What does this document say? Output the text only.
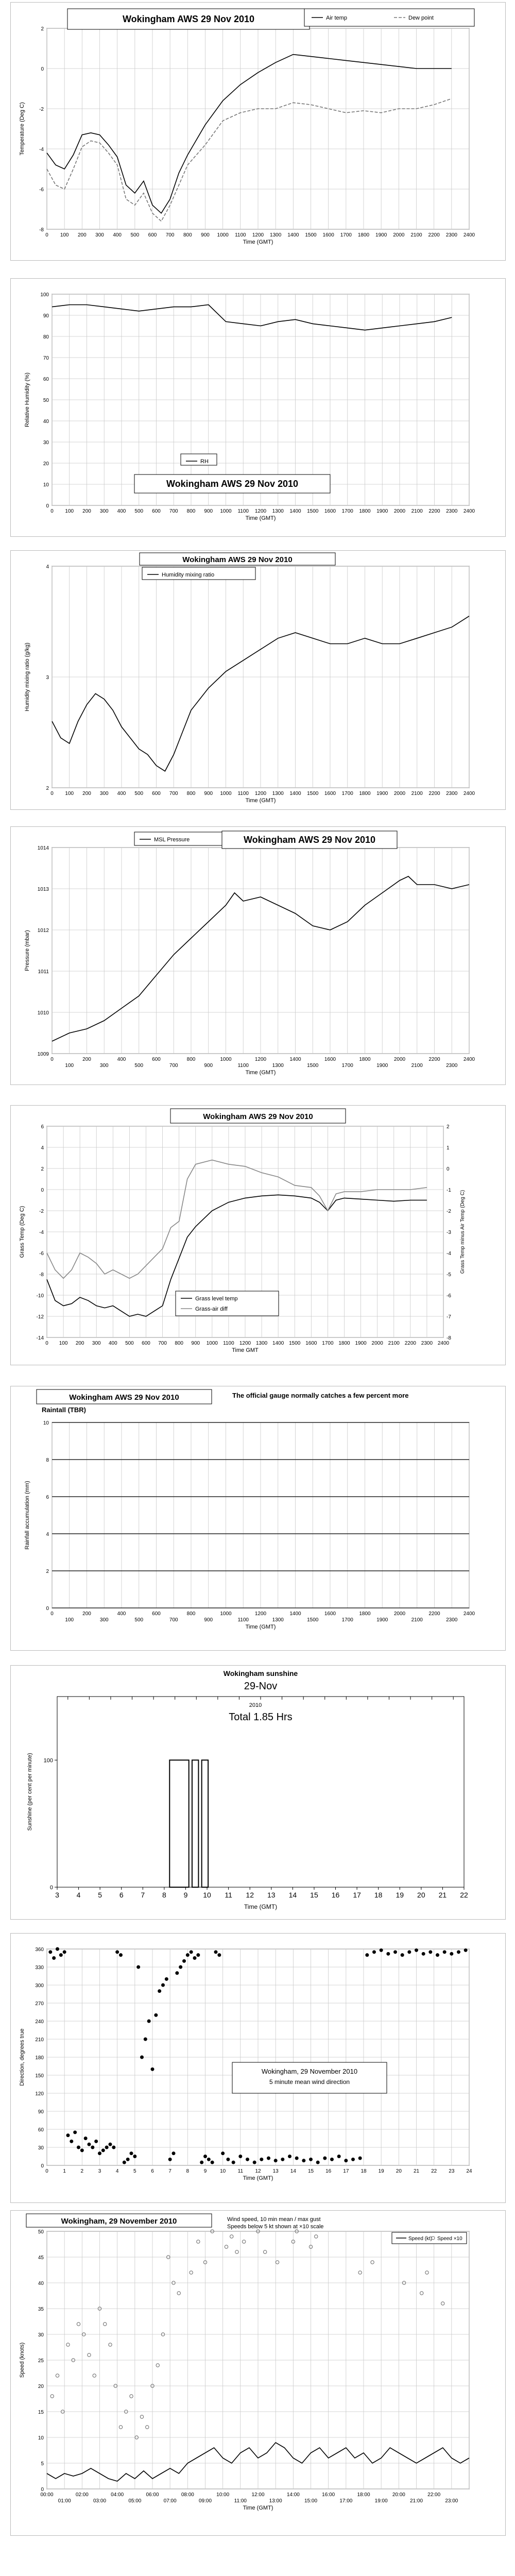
0 100 200 300 400 500 600 700 800 900 1000 1100 1200 1300 1400 1500 1600 1700 1800 1900 2000 2100 2200 2300 2400
-8
-6
-4
-2
0
2
Time (GMT)
Temperature (Deg C)
Wokingham AWS 29 Nov 2010	Air temp	Dew point
0 100 200 300 400 500 600 700 800 900 1000 1100 1200 1300 1400 1500 1600 1700 1800 1900 2000 2100 2200 2300 2400
0
10
20
30
40
50
60
70
80
90
100
Time (GMT)
Relative Humidity (%)
Wokingham AWS 29 Nov 2010
RH
0 100 200 300 400 500 600 700 800 900 1000 1100 1200 1300 1400 1500 1600 1700 1800 1900 2000 2100 2200 2300 2400
2
3
4
Time (GMT)
Humidity mixing ratio (g/kg)
Wokingham AWS 29 Nov 2010
Humidity mixing ratio
0
100
200
300
400
500
600
700
800
900
1000
1100
1200
1300
1400
1500
1600
1700
1800
1900
2000
2100
2200
2300
2400
1009
1010
1011
1012
1013
1014
Time (GMT)
Pressure (mbar)
Wokingham AWS 29 Nov 2010
MSL Pressure
0 100 200 300 400 500 600 700 800 900 1000 1100 1200 1300 1400 1500 1600 1700 1800 1900 2000 2100 2200 2300 2400
-14
-12
-10
-8
-6
-4
-2
0
2
4
6
-8
-7
-6
-5
-4
-3
-2
-1
0
1
2
Grass Temp minus Air Temp (Deg C)
Time GMT
Grass Temp (Deg C)
Wokingham AWS 29 Nov 2010
Grass level temp
Grass-air diff
0
100
200
300
400
500
600
700
800
900
1000
1100
1200
1300
1400
1500
1600
1700
1800
1900
2000
2100
2200
2300
2400
0
2
4
6
8
10
Time (GMT)
Rainfall accumulation (mm)
Wokingham AWS 29 Nov 2010	The official gauge normally catches a few percent more
Raintall (TBR)
3 4 5 6 7 8 9 10 11 12 13 14 15 16 17 18 19 20 21 22
0
100
Wokingham sunshine
29-Nov
2010
Total 1.85 Hrs
Time (GMT)
Sunshine (per cent per minute)
0	1	2	3	4	5	6	7	8	9	10 11 12 13 14 15 16 17 18 19 20 21 22 23 24
0
30
60
90
120
150
180
210
240
270
300
330
360
Time (GMT)
Direction, degrees true	Wokingham, 29 November 2010
5 minute mean wind direction
00:00	02:00	04:00	06:00	08:00	10:00	12:00	14:00	16:00	18:00	20:00	22:00
01:00	03:00	05:00	07:00	09:00	11:00	13:00	15:00	17:00	19:00	21:00	23:00
0
5
10
15
20
25
30
35
40
45
50
Time (GMT)
Speed (knots)
Wokingham, 29 November 2010	Wind speed, 10 min mean / max gust
Speeds below 5 kt shown at ×10 scale
Speed (kt) Speed ×10
